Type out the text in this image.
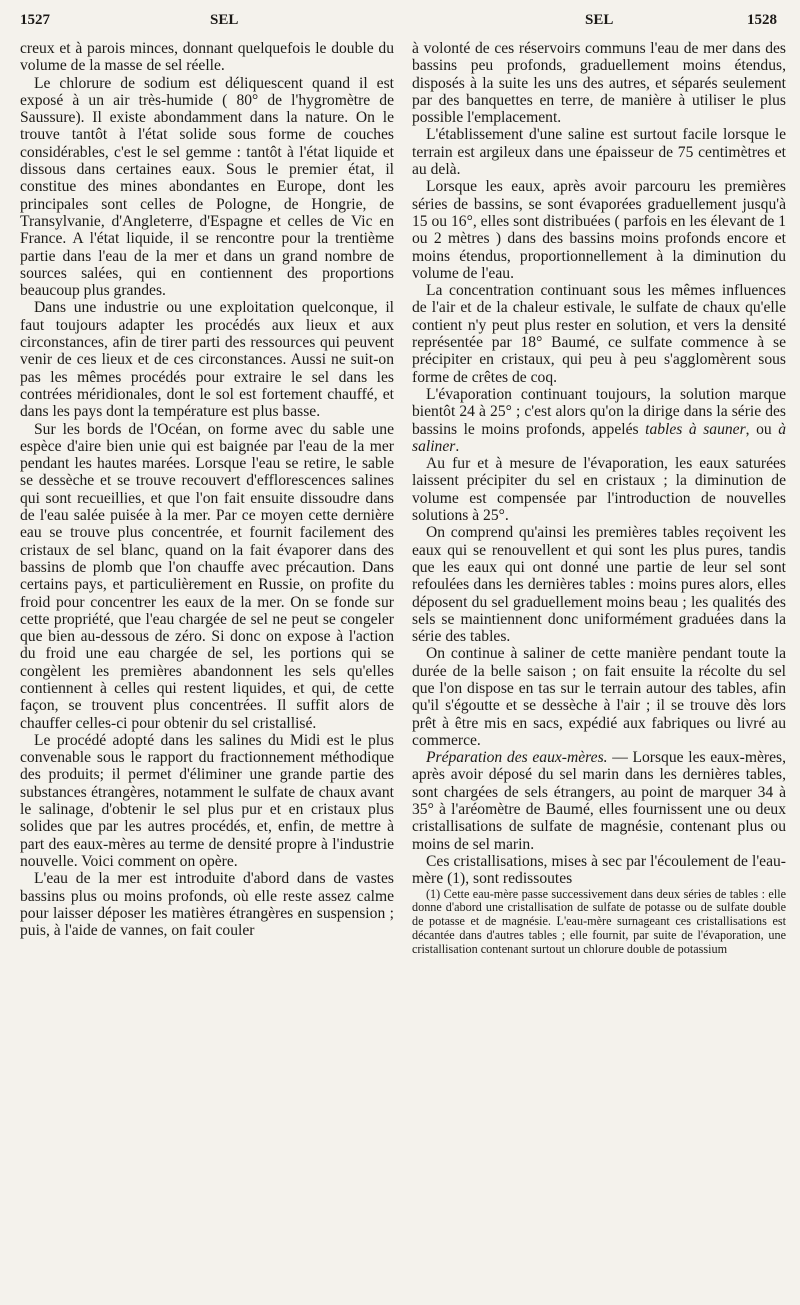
1527	SEL	SEL	1528

creux et à parois minces, donnant quelquefois le double du volume de la masse de sel réelle.

Le chlorure de sodium est déliquescent quand il est exposé à un air très-humide ( 80° de l'hygromètre de Saussure). Il existe abondamment dans la nature. On le trouve tantôt à l'état solide sous forme de couches considérables, c'est le sel gemme : tantôt à l'état liquide et dissous dans certaines eaux. Sous le premier état, il constitue des mines abondantes en Europe, dont les principales sont celles de Pologne, de Hongrie, de Transylvanie, d'Angleterre, d'Espagne et celles de Vic en France. A l'état liquide, il se rencontre pour la trentième partie dans l'eau de la mer et dans un grand nombre de sources salées, qui en contiennent des proportions beaucoup plus grandes.

Dans une industrie ou une exploitation quelconque, il faut toujours adapter les procédés aux lieux et aux circonstances, afin de tirer parti des ressources qui peuvent venir de ces lieux et de ces circonstances. Aussi ne suit-on pas les mêmes procédés pour extraire le sel dans les contrées méridionales, dont le sol est fortement chauffé, et dans les pays dont la température est plus basse.

Sur les bords de l'Océan, on forme avec du sable une espèce d'aire bien unie qui est baignée par l'eau de la mer pendant les hautes marées. Lorsque l'eau se retire, le sable se dessèche et se trouve recouvert d'efflorescences salines qui sont recueillies, et que l'on fait ensuite dissoudre dans de l'eau salée puisée à la mer. Par ce moyen cette dernière eau se trouve plus concentrée, et fournit facilement des cristaux de sel blanc, quand on la fait évaporer dans des bassins de plomb que l'on chauffe avec précaution. Dans certains pays, et particulièrement en Russie, on profite du froid pour concentrer les eaux de la mer. On se fonde sur cette propriété, que l'eau chargée de sel ne peut se congeler que bien au-dessous de zéro. Si donc on expose à l'action du froid une eau chargée de sel, les portions qui se congèlent les premières abandonnent les sels qu'elles contiennent à celles qui restent liquides, et qui, de cette façon, se trouvent plus concentrées. Il suffit alors de chauffer celles-ci pour obtenir du sel cristallisé.

Le procédé adopté dans les salines du Midi est le plus convenable sous le rapport du fractionnement méthodique des produits; il permet d'éliminer une grande partie des substances étrangères, notamment le sulfate de chaux avant le salinage, d'obtenir le sel plus pur et en cristaux plus solides que par les autres procédés, et, enfin, de mettre à part des eaux-mères au terme de densité propre à l'industrie nouvelle. Voici comment on opère.

L'eau de la mer est introduite d'abord dans de vastes bassins plus ou moins profonds, où elle reste assez calme pour laisser déposer les matières étrangères en suspension ; puis, à l'aide de vannes, on fait couler

à volonté de ces réservoirs communs l'eau de mer dans des bassins peu profonds, graduellement moins étendus, disposés à la suite les uns des autres, et séparés seulement par des banquettes en terre, de manière à utiliser le plus possible l'emplacement.

L'établissement d'une saline est surtout facile lorsque le terrain est argileux dans une épaisseur de 75 centimètres et au delà.

Lorsque les eaux, après avoir parcouru les premières séries de bassins, se sont évaporées graduellement jusqu'à 15 ou 16°, elles sont distribuées ( parfois en les élevant de 1 ou 2 mètres ) dans des bassins moins profonds encore et moins étendus, proportionnellement à la diminution du volume de l'eau.

La concentration continuant sous les mêmes influences de l'air et de la chaleur estivale, le sulfate de chaux qu'elle contient n'y peut plus rester en solution, et vers la densité représentée par 18° Baumé, ce sulfate commence à se précipiter en cristaux, qui peu à peu s'agglomèrent sous forme de crêtes de coq.

L'évaporation continuant toujours, la solution marque bientôt 24 à 25° ; c'est alors qu'on la dirige dans la série des bassins le moins profonds, appelés tables à sauner, ou à saliner.

Au fur et à mesure de l'évaporation, les eaux saturées laissent précipiter du sel en cristaux ; la diminution de volume est compensée par l'introduction de nouvelles solutions à 25°.

On comprend qu'ainsi les premières tables reçoivent les eaux qui se renouvellent et qui sont les plus pures, tandis que les eaux qui ont donné une partie de leur sel sont refoulées dans les dernières tables : moins pures alors, elles déposent du sel graduellement moins beau ; les qualités des sels se maintiennent donc uniformément graduées dans la série des tables.

On continue à saliner de cette manière pendant toute la durée de la belle saison ; on fait ensuite la récolte du sel que l'on dispose en tas sur le terrain autour des tables, afin qu'il s'égoutte et se dessèche à l'air ; il se trouve dès lors prêt à être mis en sacs, expédié aux fabriques ou livré au commerce.

Préparation des eaux-mères. — Lorsque les eaux-mères, après avoir déposé du sel marin dans les dernières tables, sont chargées de sels étrangers, au point de marquer 34 à 35° à l'aréomètre de Baumé, elles fournissent une ou deux cristallisations de sulfate de magnésie, contenant plus ou moins de sel marin.

Ces cristallisations, mises à sec par l'écoulement de l'eau-mère (1), sont redissoutes

(1) Cette eau-mère passe successivement dans deux séries de tables : elle donne d'abord une cristallisation de sulfate de potasse ou de sulfate double de potasse et de magnésie. L'eau-mère surnageant ces cristallisations est décantée dans d'autres tables ; elle fournit, par suite de l'évaporation, une cristallisation contenant surtout un chlorure double de potassium
